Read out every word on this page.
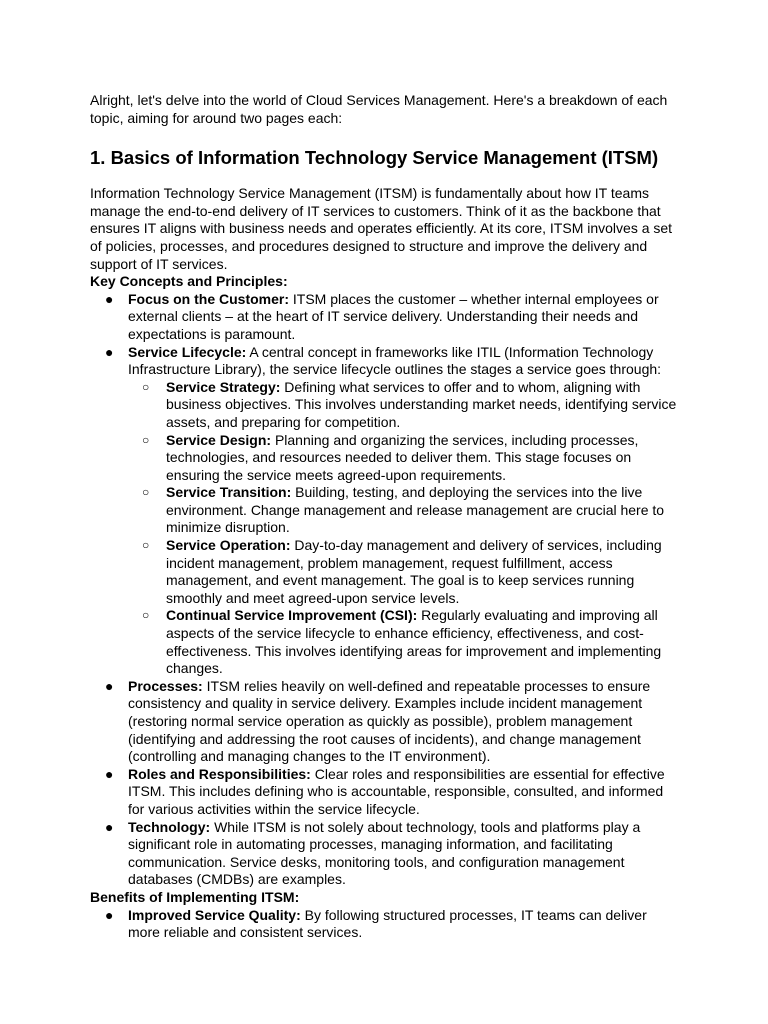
Alright, let's delve into the world of Cloud Services Management. Here's a breakdown of each topic, aiming for around two pages each:

1. Basics of Information Technology Service Management (ITSM)

Information Technology Service Management (ITSM) is fundamentally about how IT teams manage the end-to-end delivery of IT services to customers. Think of it as the backbone that ensures IT aligns with business needs and operates efficiently. At its core, ITSM involves a set of policies, processes, and procedures designed to structure and improve the delivery and support of IT services.

Key Concepts and Principles:

● Focus on the Customer: ITSM places the customer – whether internal employees or external clients – at the heart of IT service delivery. Understanding their needs and expectations is paramount.
● Service Lifecycle: A central concept in frameworks like ITIL (Information Technology Infrastructure Library), the service lifecycle outlines the stages a service goes through:
○ Service Strategy: Defining what services to offer and to whom, aligning with business objectives. This involves understanding market needs, identifying service assets, and preparing for competition.
○ Service Design: Planning and organizing the services, including processes, technologies, and resources needed to deliver them. This stage focuses on ensuring the service meets agreed-upon requirements.
○ Service Transition: Building, testing, and deploying the services into the live environment. Change management and release management are crucial here to minimize disruption.
○ Service Operation: Day-to-day management and delivery of services, including incident management, problem management, request fulfillment, access management, and event management. The goal is to keep services running smoothly and meet agreed-upon service levels.
○ Continual Service Improvement (CSI): Regularly evaluating and improving all aspects of the service lifecycle to enhance efficiency, effectiveness, and cost-effectiveness. This involves identifying areas for improvement and implementing changes.
● Processes: ITSM relies heavily on well-defined and repeatable processes to ensure consistency and quality in service delivery. Examples include incident management (restoring normal service operation as quickly as possible), problem management (identifying and addressing the root causes of incidents), and change management (controlling and managing changes to the IT environment).
● Roles and Responsibilities: Clear roles and responsibilities are essential for effective ITSM. This includes defining who is accountable, responsible, consulted, and informed for various activities within the service lifecycle.
● Technology: While ITSM is not solely about technology, tools and platforms play a significant role in automating processes, managing information, and facilitating communication. Service desks, monitoring tools, and configuration management databases (CMDBs) are examples.

Benefits of Implementing ITSM:

● Improved Service Quality: By following structured processes, IT teams can deliver more reliable and consistent services.
